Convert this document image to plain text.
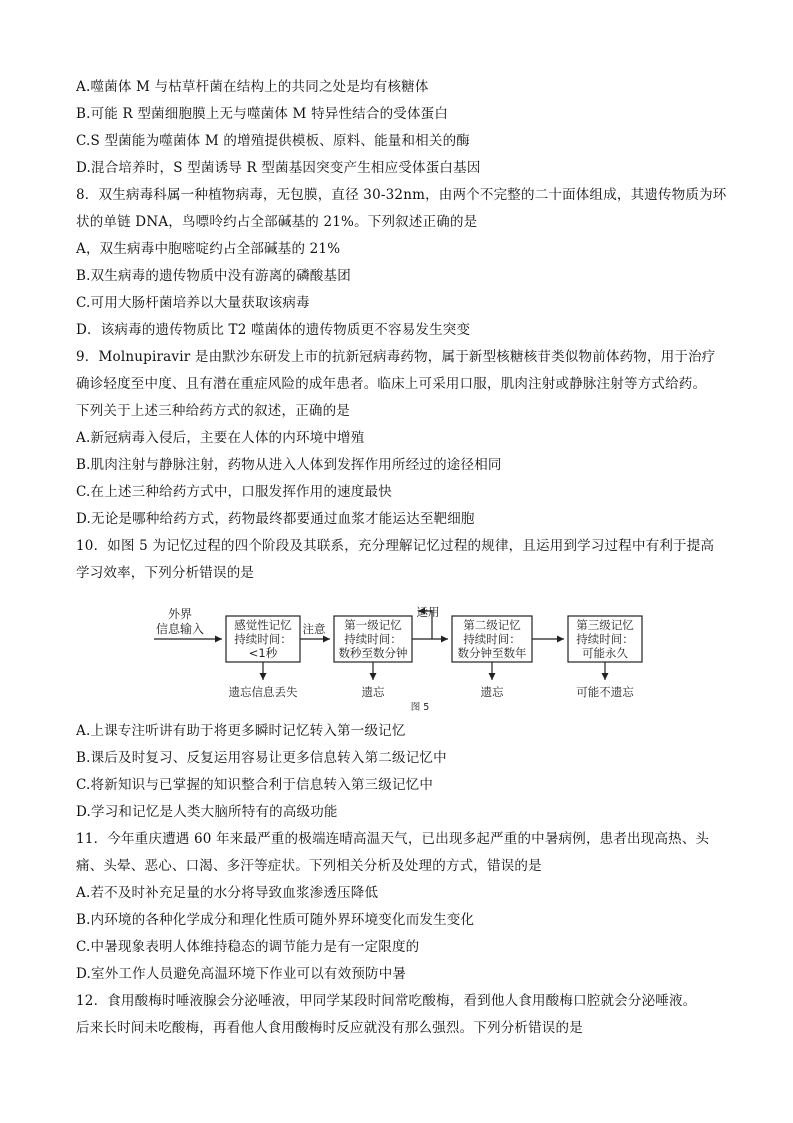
A.噬菌体 M 与枯草杆菌在结构上的共同之处是均有核糖体
B.可能 R 型菌细胞膜上无与噬菌体 M 特异性结合的受体蛋白
C.S 型菌能为噬菌体 M 的增殖提供模板、原料、能量和相关的酶
D.混合培养时，S 型菌诱导 R 型菌基因突变产生相应受体蛋白基因
8．双生病毒科属一种植物病毒，无包膜，直径 30-32nm，由两个不完整的二十面体组成，其遗传物质为环
状的单链 DNA，鸟嘌呤约占全部碱基的 21%。下列叙述正确的是
A，双生病毒中胞嘧啶约占全部碱基的 21%
B.双生病毒的遗传物质中没有游离的磷酸基团
C.可用大肠杆菌培养以大量获取该病毒
D．该病毒的遗传物质比 T2 噬菌体的遗传物质更不容易发生突变
9．Molnupiravir 是由默沙东研发上市的抗新冠病毒药物，属于新型核糖核苷类似物前体药物，用于治疗
确诊轻度至中度、且有潜在重症风险的成年患者。临床上可采用口服，肌肉注射或静脉注射等方式给药。
下列关于上述三种给药方式的叙述，正确的是
A.新冠病毒入侵后，主要在人体的内环境中增殖
B.肌肉注射与静脉注射，药物从进入人体到发挥作用所经过的途径相同
C.在上述三种给药方式中，口服发挥作用的速度最快
D.无论是哪种给药方式，药物最终都要通过血浆才能运达至靶细胞
10．如图 5 为记忆过程的四个阶段及其联系，充分理解记忆过程的规律，且运用到学习过程中有利于提高
学习效率，下列分析错误的是
外界
信息输入	感觉性记忆
持续时间：
<1秒
注意 第一级记忆
持续时间：
数秒至数分钟
运用
第二级记忆
持续时间：
数分钟至数年
第三级记忆
持续时间：
可能永久
遗忘信息丢失	遗忘	遗忘	可能不遗忘
图 5
A.上课专注听讲有助于将更多瞬时记忆转入第一级记忆
B.课后及时复习、反复运用容易让更多信息转入第二级记忆中
C.将新知识与已掌握的知识整合利于信息转入第三级记忆中
D.学习和记忆是人类大脑所特有的高级功能
11．今年重庆遭遇 60 年来最严重的极端连晴高温天气，已出现多起严重的中暑病例，患者出现高热、头
痛、头晕、恶心、口渴、多汗等症状。下列相关分析及处理的方式，错误的是
A.若不及时补充足量的水分将导致血浆渗透压降低
B.内环境的各种化学成分和理化性质可随外界环境变化而发生变化
C.中暑现象表明人体维持稳态的调节能力是有一定限度的
D.室外工作人员避免高温环境下作业可以有效预防中暑
12．食用酸梅时唾液腺会分泌唾液，甲同学某段时间常吃酸梅，看到他人食用酸梅口腔就会分泌唾液。
后来长时间未吃酸梅，再看他人食用酸梅时反应就没有那么强烈。下列分析错误的是
